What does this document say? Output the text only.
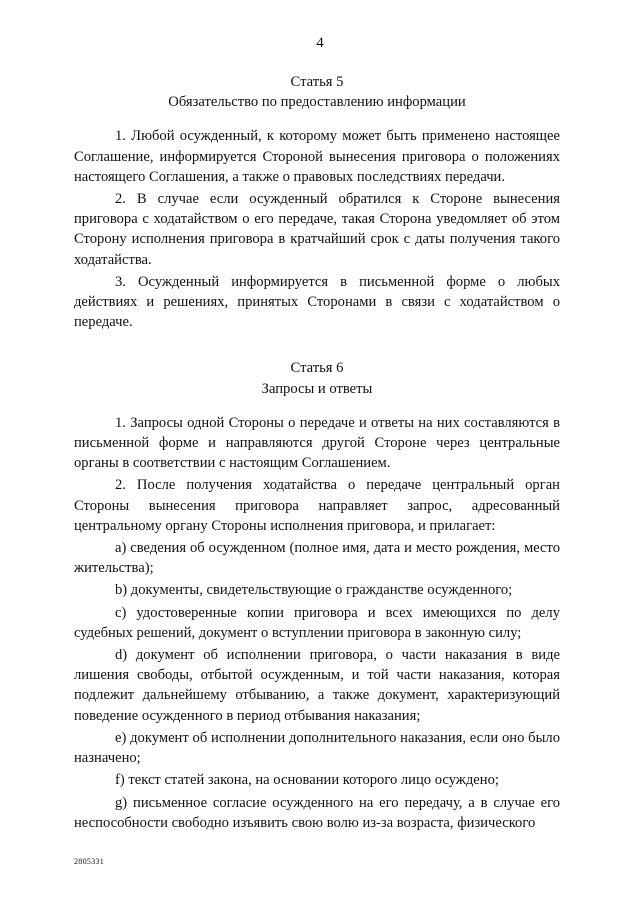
4

Статья 5

Обязательство по предоставлению информации

1. Любой осужденный, к которому может быть применено настоящее Соглашение, информируется Стороной вынесения приговора о положениях настоящего Соглашения, а также о правовых последствиях передачи.

2. В случае если осужденный обратился к Стороне вынесения приговора с ходатайством о его передаче, такая Сторона уведомляет об этом Сторону исполнения приговора в кратчайший срок с даты получения такого ходатайства.

3. Осужденный информируется в письменной форме о любых действиях и решениях, принятых Сторонами в связи с ходатайством о передаче.

Статья 6

Запросы и ответы

1. Запросы одной Стороны о передаче и ответы на них составляются в письменной форме и направляются другой Стороне через центральные органы в соответствии с настоящим Соглашением.

2. После получения ходатайства о передаче центральный орган Стороны вынесения приговора направляет запрос, адресованный центральному органу Стороны исполнения приговора, и прилагает:

a) сведения об осужденном (полное имя, дата и место рождения, место жительства);

b) документы, свидетельствующие о гражданстве осужденного;

c) удостоверенные копии приговора и всех имеющихся по делу судебных решений, документ о вступлении приговора в законную силу;

d) документ об исполнении приговора, о части наказания в виде лишения свободы, отбытой осужденным, и той части наказания, которая подлежит дальнейшему отбыванию, а также документ, характеризующий поведение осужденного в период отбывания наказания;

e) документ об исполнении дополнительного наказания, если оно было назначено;

f) текст статей закона, на основании которого лицо осуждено;

g) письменное согласие осужденного на его передачу, а в случае его неспособности свободно изъявить свою волю из-за возраста, физического

2805331
